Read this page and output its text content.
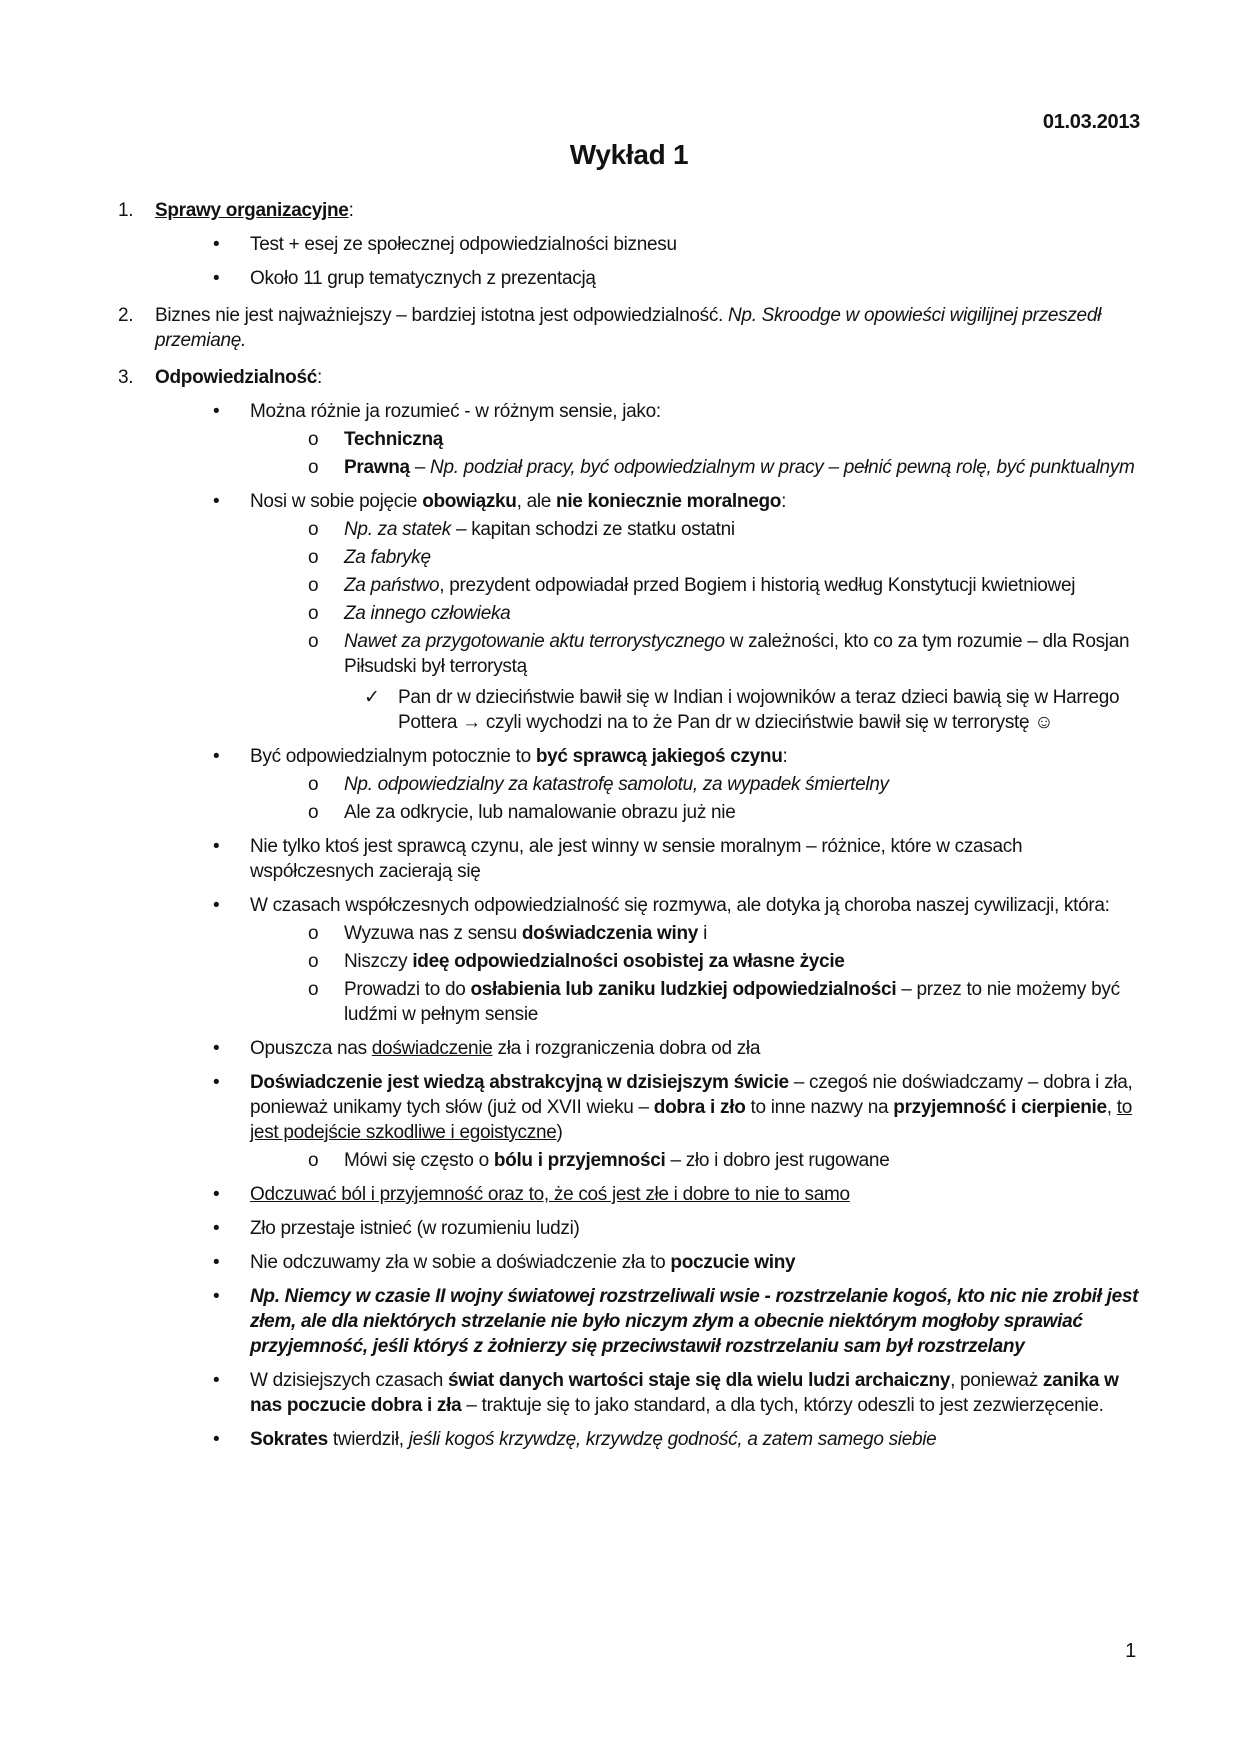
01.03.2013
Wykład 1
1.	Sprawy organizacyjne:
•	Test + esej ze społecznej odpowiedzialności biznesu
•	Około 11 grup tematycznych z prezentacją
2.	Biznes nie jest najważniejszy – bardziej istotna jest odpowiedzialność. Np. Skroodge w opowieści wigilijnej przeszedł przemianę.
3.	Odpowiedzialność:
•	Można różnie ja rozumieć - w różnym sensie, jako:
o	Techniczną
o	Prawną – Np. podział pracy, być odpowiedzialnym w pracy – pełnić pewną rolę, być punktualnym
•	Nosi w sobie pojęcie obowiązku, ale nie koniecznie moralnego:
o	Np. za statek – kapitan schodzi ze statku ostatni
o	Za fabrykę
o	Za państwo, prezydent odpowiadał przed Bogiem i historią według Konstytucji kwietniowej
o	Za innego człowieka
o	Nawet za przygotowanie aktu terrorystycznego w zależności, kto co za tym rozumie – dla Rosjan Piłsudski był terrorystą
✓ Pan dr w dzieciństwie bawił się w Indian i wojowników a teraz dzieci bawią się w Harrego Pottera → czyli wychodzi na to że Pan dr w dzieciństwie bawił się w terrorystę ☺
•	Być odpowiedzialnym potocznie to być sprawcą jakiegoś czynu:
o	Np. odpowiedzialny za katastrofę samolotu, za wypadek śmiertelny
o	Ale za odkrycie, lub namalowanie obrazu już nie
•	Nie tylko ktoś jest sprawcą czynu, ale jest winny w sensie moralnym – różnice, które w czasach współczesnych zacierają się
•	W czasach współczesnych odpowiedzialność się rozmywa, ale dotyka ją choroba naszej cywilizacji, która:
o	Wyzuwa nas z sensu doświadczenia winy i
o	Niszczy ideę odpowiedzialności osobistej za własne życie
o	Prowadzi to do osłabienia lub zaniku ludzkiej odpowiedzialności – przez to nie możemy być ludźmi w pełnym sensie
•	Opuszcza nas doświadczenie zła i rozgraniczenia dobra od zła
•	Doświadczenie jest wiedzą abstrakcyjną w dzisiejszym świcie – czegoś nie doświadczamy – dobra i zła, ponieważ unikamy tych słów (już od XVII wieku – dobra i zło to inne nazwy na przyjemność i cierpienie, to jest podejście szkodliwe i egoistyczne)
o	Mówi się często o bólu i przyjemności – zło i dobro jest rugowane
•	Odczuwać ból i przyjemność oraz to, że coś jest złe i dobre to nie to samo
•	Zło przestaje istnieć (w rozumieniu ludzi)
•	Nie odczuwamy zła w sobie a doświadczenie zła to poczucie winy
•	Np. Niemcy w czasie II wojny światowej rozstrzeliwali wsie - rozstrzelanie kogoś, kto nic nie zrobił jest złem, ale dla niektórych strzelanie nie było niczym złym a obecnie niektórym mogłoby sprawiać przyjemność, jeśli któryś z żołnierzy się przeciwstawił rozstrzelaniu sam był rozstrzelany
•	W dzisiejszych czasach świat danych wartości staje się dla wielu ludzi archaiczny, ponieważ zanika w nas poczucie dobra i zła – traktuje się to jako standard, a dla tych, którzy odeszli to jest zezwierzęcenie.
•	Sokrates twierdził, jeśli kogoś krzywdzę, krzywdzę godność, a zatem samego siebie
1
